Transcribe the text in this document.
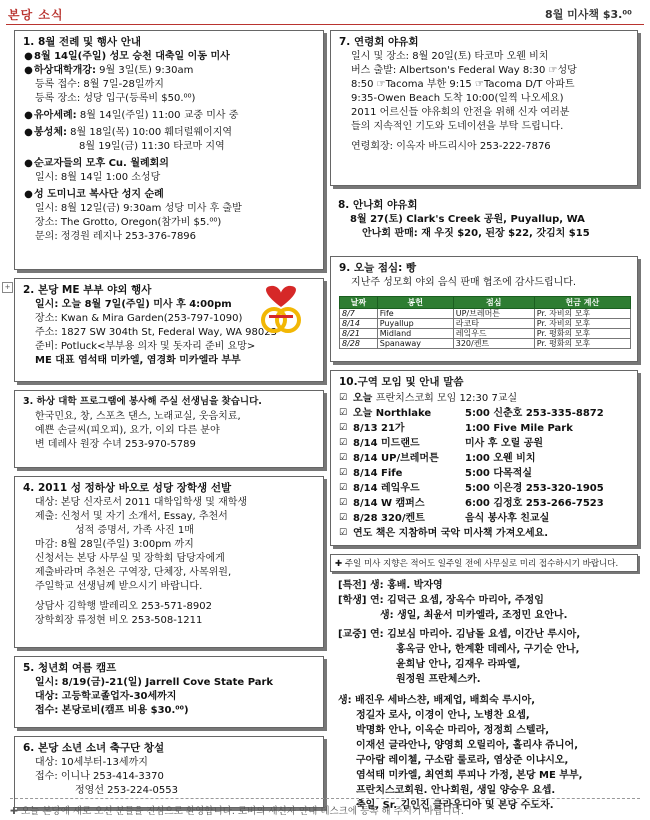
본당 소식	8월 미사책 $3.⁰⁰
+
1. 8월 전례 및 행사 안내
● 8월 14일(주일) 성모 승천 대축일 이동 미사
● 하상대학개강:
9월 3일(토) 9:30am
등록 접수: 8월 7일-28일까지
등록 장소: 성당 입구(등록비 $50.⁰⁰)
● 유아세례:
8월 14일(주일) 11:00 교중 미사 중
● 봉성체:
8월 18일(목) 10:00 훼더럴웨이지역
8월 19일(금) 11:30 타코마 지역
● 순교자들의 모후 Cu. 월례회의
일시: 8월 14일 1:00 소성당
● 성 도미니코 복사단 성지 순례
일시: 8월 12일(금) 9:30am 성당 미사 후 출발
장소: The Grotto, Oregon(참가비 $5.⁰⁰)
문의: 정경원 레지나 253-376-7896
2. 본당 ME 부부 야외 행사
일시: 오늘 8월 7일(주일) 미사 후 4:00pm
장소: Kwan & Mira Garden(253-797-1090)
주소: 1827 SW 304th St, Federal Way, WA 98023
준비: Potluck<부부용 의자 및 돗자리 준비 요망>
ME 대표 염석태 미카엘, 염경화 미카엘라 부부
3. 하상 대학 프로그램에 봉사해 주실 선생님을 찾습니다.
한국민요, 창, 스포츠 댄스, 노래교실, 웃음치료,
예쁜 손글씨(피오피), 요가, 이외 다른 분야
변 데레사 원장 수녀 253-970-5789
4. 2011 성 정하상 바오로 성당 장학생 선발
대상: 본당 신자로서 2011 대학입학생 및 재학생
제출: 신청서 및 자기 소개서, Essay, 추천서
성적 증명서, 가족 사진 1매
마감: 8월 28일(주일) 3:00pm 까지
신청서는 본당 사무실 및 장학회 담당자에게
제출바라며 추천은 구역장, 단체장, 사목위원,
주일학교 선생님께 받으시기 바랍니다.
상담사 김학행 발레리오 253-571-8902
장학회장 류정현 비오 253-508-1211
5. 청년회 여름 캠프
일시: 8/19(금)-21(일) Jarrell Cove State Park
대상: 고등학교졸업자-30세까지
접수: 본당로비(캠프 비용 $30.⁰⁰)
6. 본당 소년 소녀 축구단 창설
대상: 10세부터-13세까지
접수: 이니나 253-414-3370
정영선 253-224-0553
7. 연령회 야유회
일시 및 장소: 8월 20일(토) 타코마 오웬 비치
버스 출발: Albertson's Federal Way 8:30 ☞성당
8:50 ☞Tacoma 부한 9:15 ☞Tacoma D/T 아파트
9:35-Owen Beach 도착 10:00(일찍 나오세요)
2011 어르신들 야유회의 안전을 위해 신자 여러분
들의 지속적인 기도와 도네이션을 부탁 드립니다.
연령회장: 이옥자 바드리시아 253-222-7876
8. 안나회 야유회
8월 27(토) Clark's Creek 공원, Puyallup, WA
안나회 판매: 재 우짓 $20, 된장 $22, 갓김치 $15
9. 오늘 점심: 빵
지난주 성모회 야외 음식 판매 협조에 감사드립니다.
날짜	봉헌	점심	헌금 계산
8/7	Fife	UP/브레머튼	Pr. 자비의 모후
8/14	Puyallup	라코타	Pr. 자비의 모후
8/21	Midland	레잌우드	Pr. 평화의 모후
8/28	Spanaway	320/켄트	Pr. 평화의 모후
10.구역 모임 및 안내 말씀
☑ 오늘
프란치스코회 모임 12:30 7교실
☑ 오늘 Northlake	5:00 신춘호 253-335-8872
☑ 8/13 21가	1:00 Five Mile Park
☑ 8/14 미드랜드	미사 후 오릴 공원
☑ 8/14 UP/브레머튼	1:00 오웬 비치
☑ 8/14 Fife	5:00 다목적실
☑ 8/14 레잌우드	5:00 이은경 253-320-1905
☑ 8/14 W 캠퍼스	6:00 김정호 253-266-7523
☑ 8/28 320/켄트	음식 봉사후 친교실
☑ 연도 책은
지참하며 국악 미사책 가져오세요.
✚ 주일 미사 지향은 적어도 일주일 전에 사무실로 미리 접수하시기 바랍니다.
[특전] 생: 홍배. 박자영
[학생] 연: 김덕근 요셉, 장옥수 마리아, 주정임
생: 생일, 최윤서 미카엘라, 조정민 요안나.
[교중] 연: 김보심 마리아. 김남돌 요셉, 이간난 루시아,
홍옥금 안나, 한계환 데레사, 구기순 안나,
윤희남 안나, 김재우 라파엘,
원정원 프란체스카.
생: 배진우 세바스챤, 배제업, 배희숙 루시아,
정길자 로사, 이경이 안나, 노병찬 요셉,
박명화 안나, 이옥순 마리아, 정정희 스텔라,
이재선 글라안나, 양영희 오릴리아, 홀리샤 쥬니어,
구아람 레이첼, 구소람 룰로라, 염상준 이냐시오,
염석태 미카엘, 최연희 루피나 가정, 본당 ME 부부,
프란치스코회원. 안나회원, 생일 양승우 요셉.
축일, Sr. 김인진 클라우디아 및 본당 수도자.
✚ 오늘 본당에 새로 오신 분들을 진심으로 환영합니다. 로비의 새신자 안내 데스크에 등록 해 주시기 바랍니다.
